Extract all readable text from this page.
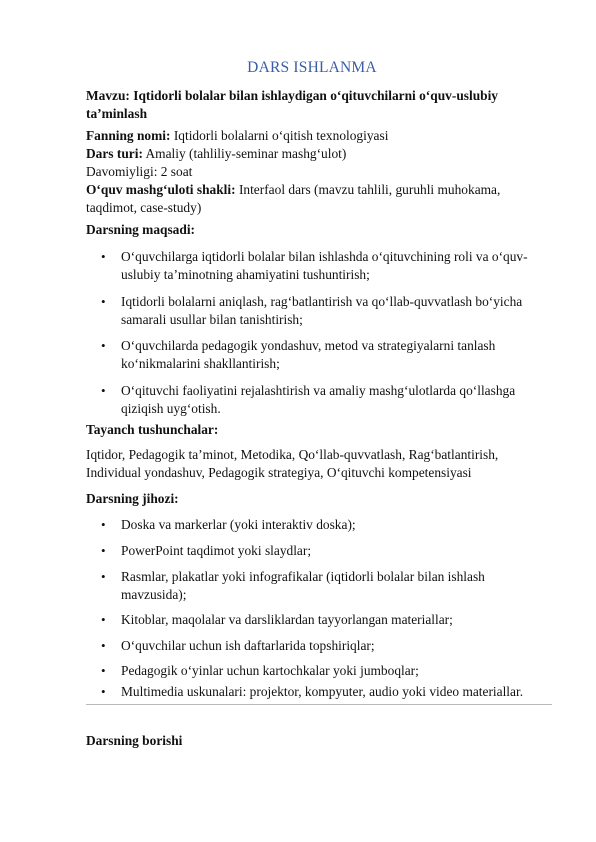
DARS ISHLANMA
Mavzu: Iqtidorli bolalar bilan ishlaydigan o‘qituvchilarni o‘quv-uslubiy
ta’minlash
Fanning nomi: Iqtidorli bolalarni o‘qitish texnologiyasi
Dars turi: Amaliy (tahliliy-seminar mashg‘ulot)
Davomiyligi: 2 soat
O‘quv mashg‘uloti shakli: Interfaol dars (mavzu tahlili, guruhli muhokama,
taqdimot, case-study)
Darsning maqsadi:
• O‘quvchilarga iqtidorli bolalar bilan ishlashda o‘qituvchining roli va o‘quv-
uslubiy ta’minotning ahamiyatini tushuntirish;
• Iqtidorli bolalarni aniqlash, rag‘batlantirish va qo‘llab-quvvatlash bo‘yicha
samarali usullar bilan tanishtirish;
• O‘quvchilarda pedagogik yondashuv, metod va strategiyalarni tanlash
ko‘nikmalarini shakllantirish;
• O‘qituvchi faoliyatini rejalashtirish va amaliy mashg‘ulotlarda qo‘llashga
qiziqish uyg‘otish.
Tayanch tushunchalar:
Iqtidor, Pedagogik ta’minot, Metodika, Qo‘llab-quvvatlash, Rag‘batlantirish,
Individual yondashuv, Pedagogik strategiya, O‘qituvchi kompetensiyasi
Darsning jihozi:
• Doska va markerlar (yoki interaktiv doska);
• PowerPoint taqdimot yoki slaydlar;
• Rasmlar, plakatlar yoki infografikalar (iqtidorli bolalar bilan ishlash
mavzusida);
• Kitoblar, maqolalar va darsliklardan tayyorlangan materiallar;
• O‘quvchilar uchun ish daftarlarida topshiriqlar;
• Pedagogik o‘yinlar uchun kartochkalar yoki jumboqlar;
• Multimedia uskunalari: projektor, kompyuter, audio yoki video materiallar.
Darsning borishi
